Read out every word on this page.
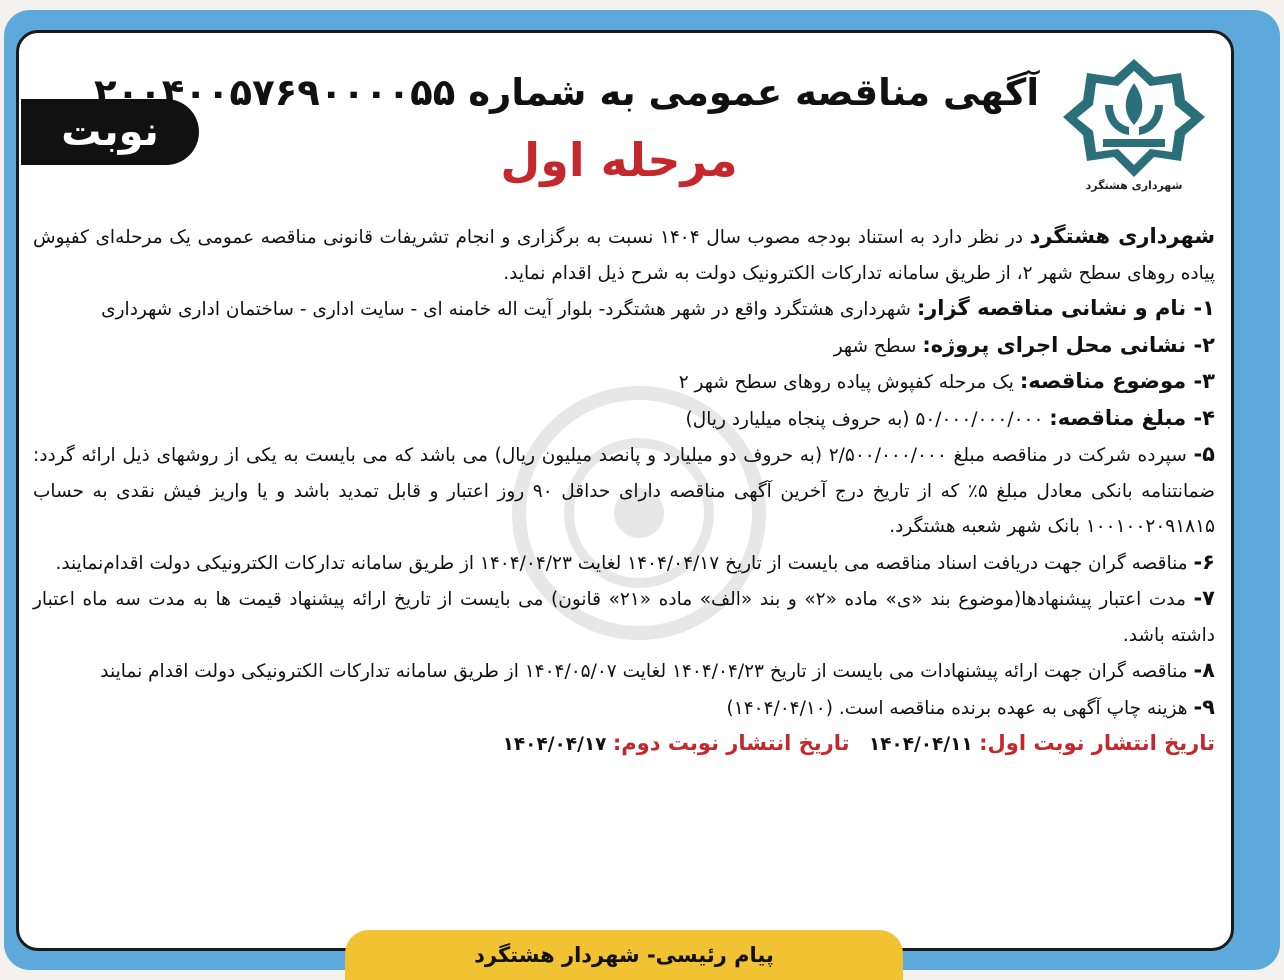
شهرداری هشتگرد
نوبت اول
آگهی مناقصه عمومی به شماره ۲۰۰۴۰۰۵۷۶۹۰۰۰۰۵۵
مرحله اول

شهرداری هشتگرد در نظر دارد به استناد بودجه مصوب سال ۱۴۰۴ نسبت به برگزاری و انجام تشریفات قانونی مناقصه عمومی یک مرحله‌ای کفپوش پیاده روهای سطح شهر ۲، از طریق سامانه تدارکات الکترونیک دولت به شرح ذیل اقدام نماید.

۱- نام و نشانی مناقصه گزار: شهرداری هشتگرد واقع در شهر هشتگرد- بلوار آیت اله خامنه ای - سایت اداری - ساختمان اداری شهرداری

۲- نشانی محل اجرای پروژه: سطح شهر

۳- موضوع مناقصه: یک مرحله کفپوش پیاده روهای سطح شهر ۲

۴- مبلغ مناقصه: ۵۰/۰۰۰/۰۰۰/۰۰۰ (به حروف پنجاه میلیارد ریال)

۵- سپرده شرکت در مناقصه مبلغ ۲/۵۰۰/۰۰۰/۰۰۰ (به حروف دو میلیارد و پانصد میلیون ریال) می باشد که می بایست به یکی از روشهای ذیل ارائه گردد: ضمانتنامه بانکی معادل مبلغ ۵٪ که از تاریخ درج آخرین آگهی مناقصه دارای حداقل ۹۰ روز اعتبار و قابل تمدید باشد و یا واریز فیش نقدی به حساب ۱۰۰۱۰۰۲۰۹۱۸۱۵ بانک شهر شعبه هشتگرد.

۶- مناقصه گران جهت دریافت اسناد مناقصه می بایست از تاریخ ۱۴۰۴/۰۴/۱۷ لغایت ۱۴۰۴/۰۴/۲۳ از طریق سامانه تدارکات الکترونیکی دولت اقدام‌نمایند.

۷- مدت اعتبار پیشنهادها(موضوع بند «ی» ماده «۲» و بند «الف» ماده «۲۱» قانون) می بایست از تاریخ ارائه پیشنهاد قیمت ها به مدت سه ماه اعتبار داشته باشد.

۸- مناقصه گران جهت ارائه پیشنهادات می بایست از تاریخ ۱۴۰۴/۰۴/۲۳ لغایت ۱۴۰۴/۰۵/۰۷ از طریق سامانه تدارکات الکترونیکی دولت اقدام نمایند

۹- هزینه چاپ آگهی به عهده برنده مناقصه است. (۱۴۰۴/۰۴/۱۰)

تاریخ انتشار نوبت اول: ۱۴۰۴/۰۴/۱۱   تاریخ انتشار نوبت دوم: ۱۴۰۴/۰۴/۱۷

پیام رئیسی- شهردار هشتگرد
